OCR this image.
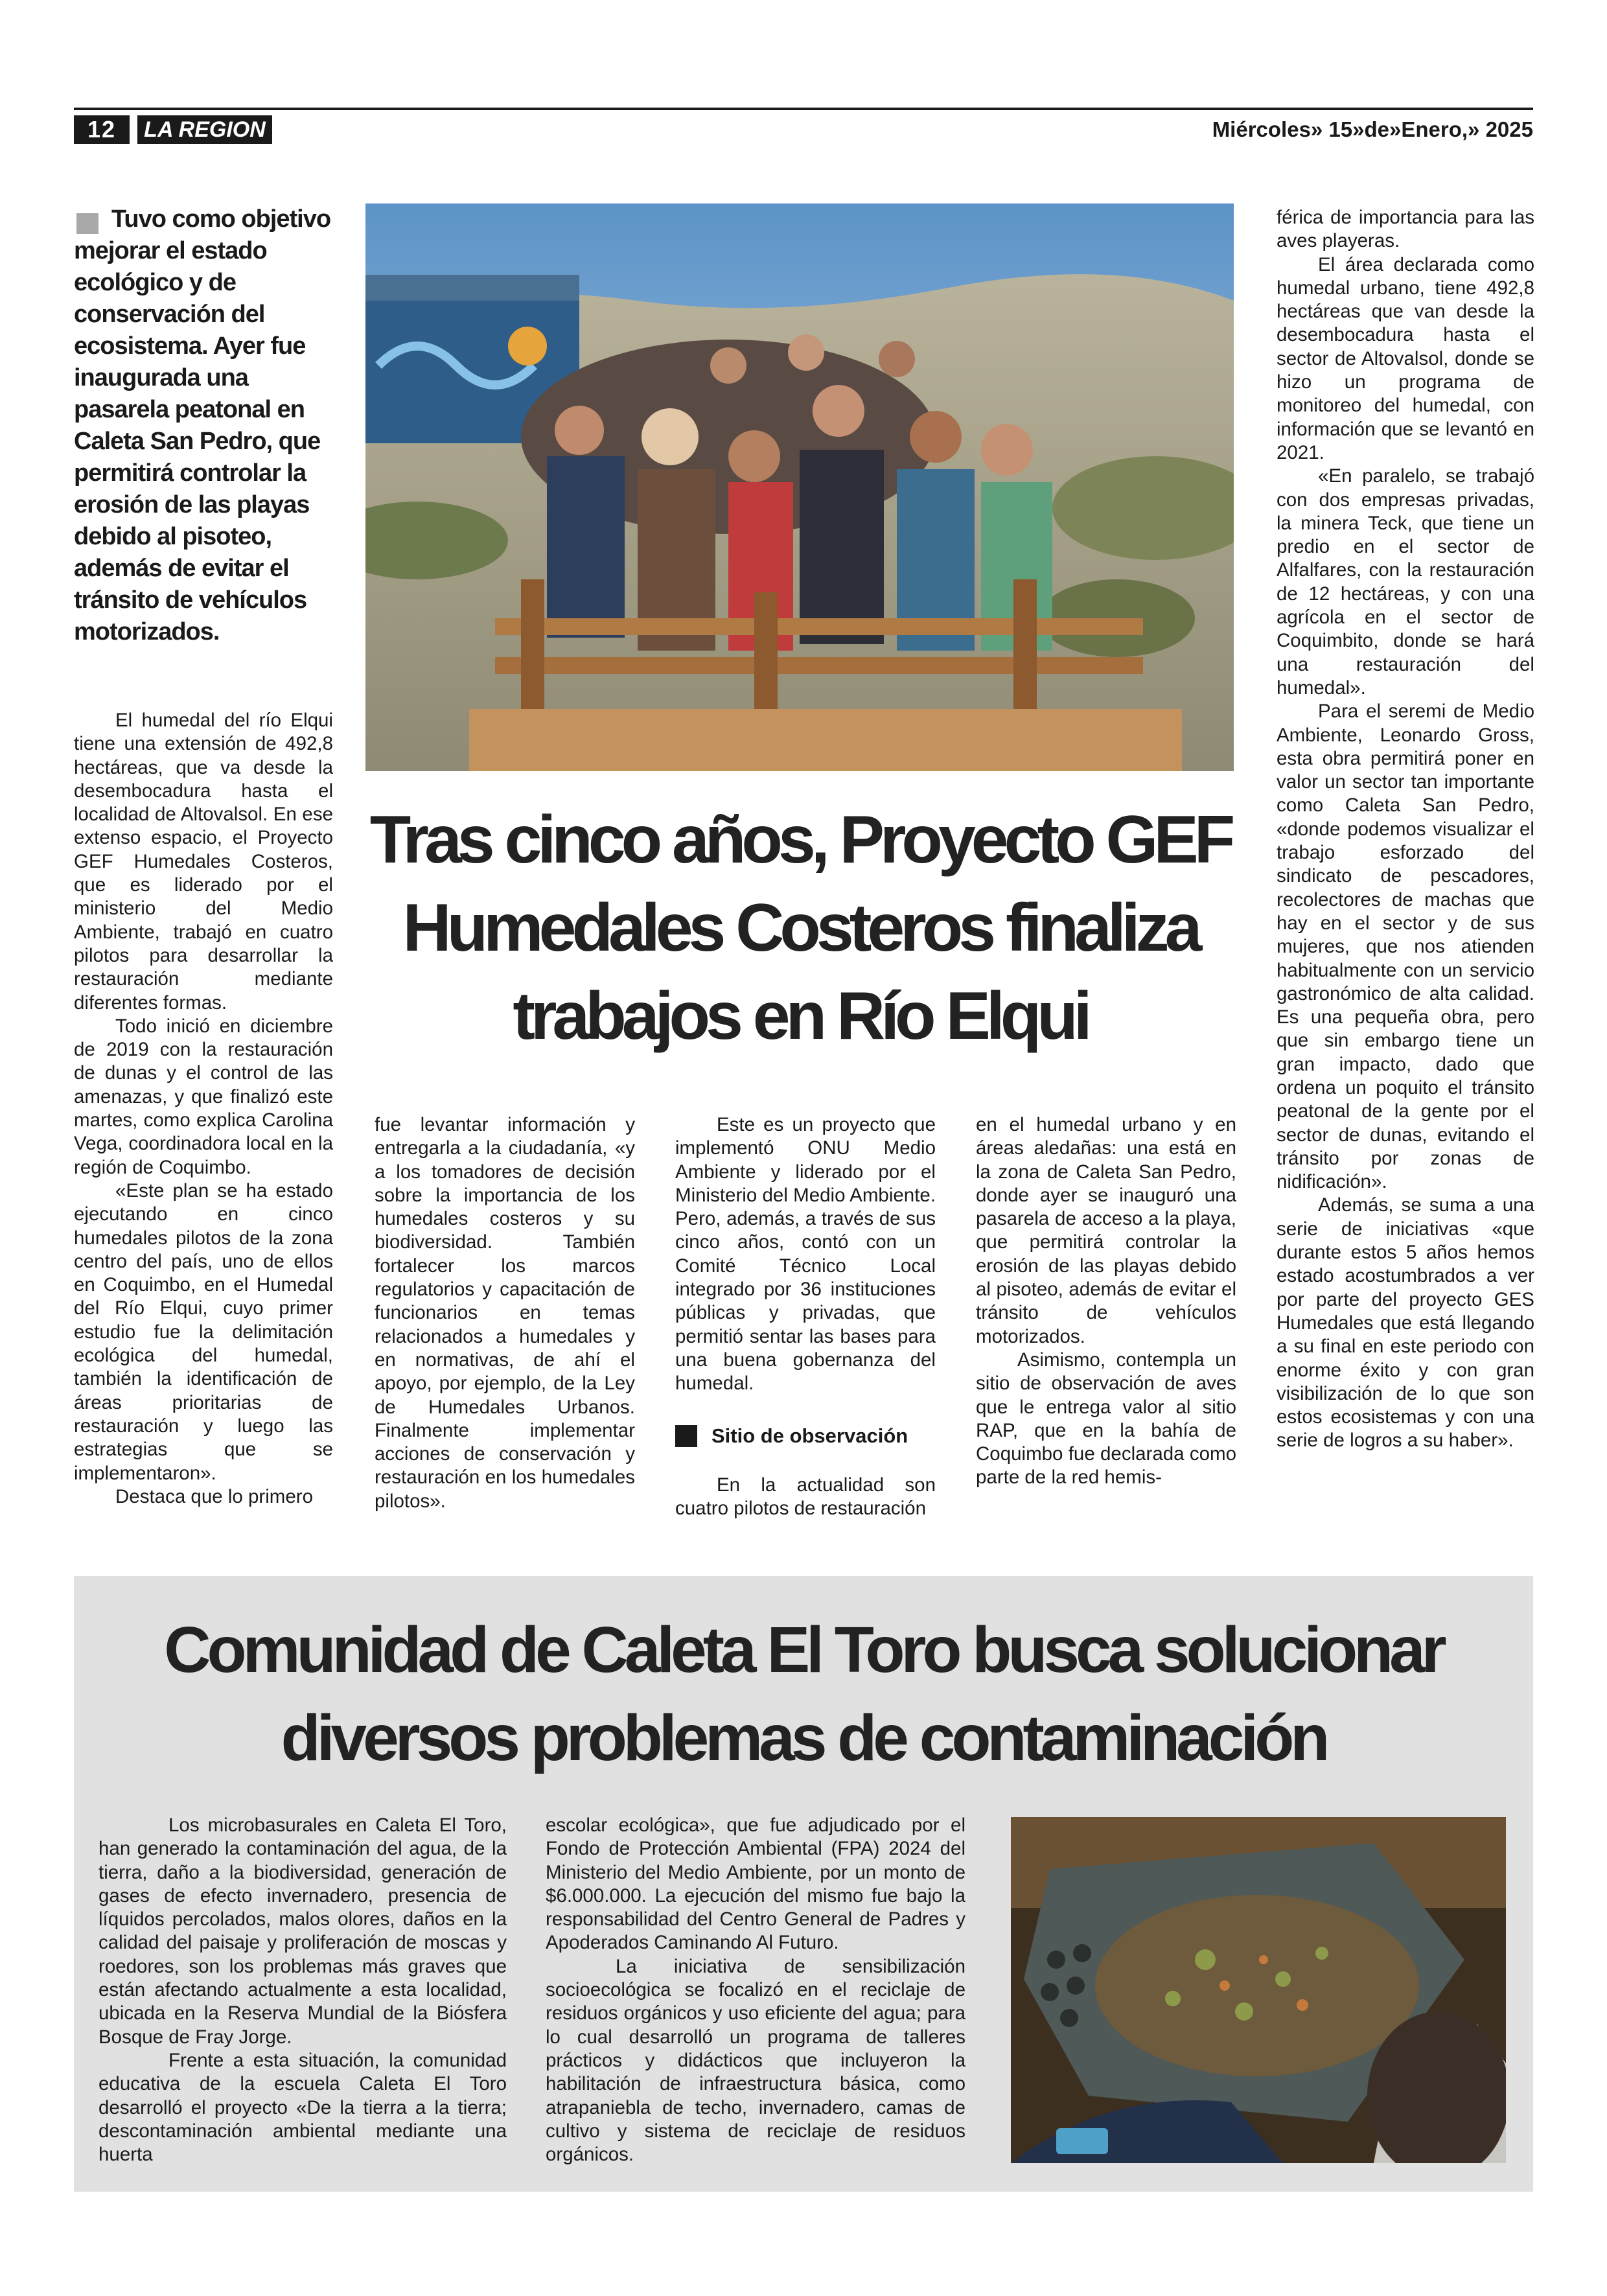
12	LA REGION	Miércoles» 15»de»Enero,» 2025

Tuvo como objetivo mejorar el estado ecológico y de conservación del ecosistema. Ayer fue inaugurada una pasarela peatonal en Caleta San Pedro, que permitirá controlar la erosión de las playas debido al pisoteo, además de evitar el tránsito de vehículos motorizados.

El humedal del río Elqui tiene una extensión de 492,8 hectáreas, que va desde la desembocadura hasta el localidad de Altovalsol. En ese extenso espacio, el Proyecto GEF Humedales Costeros, que es liderado por el ministerio del Medio Ambiente, trabajó en cuatro pilotos para desarrollar la restauración mediante diferentes formas.

Todo inició en diciembre de 2019 con la restauración de dunas y el control de las amenazas, y que finalizó este martes, como explica Carolina Vega, coordinadora local en la región de Coquimbo.

«Este plan se ha estado ejecutando en cinco humedales pilotos de la zona centro del país, uno de ellos en Coquimbo, en el Humedal del Río Elqui, cuyo primer estudio fue la delimitación ecológica del humedal, también la identificación de áreas prioritarias de restauración y luego las estrategias que se implementaron».

Destaca que lo primero

Tras cinco años, Proyecto GEF Humedales Costeros finaliza trabajos en Río Elqui

fue levantar información y entregarla a la ciudadanía, «y a los tomadores de decisión sobre la importancia de los humedales costeros y su biodiversidad. También fortalecer los marcos regulatorios y capacitación de funcionarios en temas relacionados a humedales y en normativas, de ahí el apoyo, por ejemplo, de la Ley de Humedales Urbanos. Finalmente implementar acciones de conservación y restauración en los humedales pilotos».

Este es un proyecto que implementó ONU Medio Ambiente y liderado por el Ministerio del Medio Ambiente. Pero, además, a través de sus cinco años, contó con un Comité Técnico Local integrado por 36 instituciones públicas y privadas, que permitió sentar las bases para una buena gobernanza del humedal.

Sitio de observación

En la actualidad son cuatro pilotos de restauración

en el humedal urbano y en áreas aledañas: una está en la zona de Caleta San Pedro, donde ayer se inauguró una pasarela de acceso a la playa, que permitirá controlar la erosión de las playas debido al pisoteo, además de evitar el tránsito de vehículos motorizados.

Asimismo, contempla un sitio de observación de aves que le entrega valor al sitio RAP, que en la bahía de Coquimbo fue declarada como parte de la red hemis-

férica de importancia para las aves playeras.

El área declarada como humedal urbano, tiene 492,8 hectáreas que van desde la desembocadura hasta el sector de Altovalsol, donde se hizo un programa de monitoreo del humedal, con información que se levantó en 2021.

«En paralelo, se trabajó con dos empresas privadas, la minera Teck, que tiene un predio en el sector de Alfalfares, con la restauración de 12 hectáreas, y con una agrícola en el sector de Coquimbito, donde se hará una restauración del humedal».

Para el seremi de Medio Ambiente, Leonardo Gross, esta obra permitirá poner en valor un sector tan importante como Caleta San Pedro, «donde podemos visualizar el trabajo esforzado del sindicato de pescadores, recolectores de machas que hay en el sector y de sus mujeres, que nos atienden habitualmente con un servicio gastronómico de alta calidad. Es una pequeña obra, pero que sin embargo tiene un gran impacto, dado que ordena un poquito el tránsito peatonal de la gente por el sector de dunas, evitando el tránsito por zonas de nidificación».

Además, se suma a una serie de iniciativas «que durante estos 5 años hemos estado acostumbrados a ver por parte del proyecto GES Humedales que está llegando a su final en este periodo con enorme éxito y con gran visibilización de lo que son estos ecosistemas y con una serie de logros a su haber».

Comunidad de Caleta El Toro busca solucionar diversos problemas de contaminación

Los microbasurales en Caleta El Toro, han generado la contaminación del agua, de la tierra, daño a la biodiversidad, generación de gases de efecto invernadero, presencia de líquidos percolados, malos olores, daños en la calidad del paisaje y proliferación de moscas y roedores, son los problemas más graves que están afectando actualmente a esta localidad, ubicada en la Reserva Mundial de la Biósfera Bosque de Fray Jorge.

Frente a esta situación, la comunidad educativa de la escuela Caleta El Toro desarrolló el proyecto «De la tierra a la tierra; descontaminación ambiental mediante una huerta

escolar ecológica», que fue adjudicado por el Fondo de Protección Ambiental (FPA) 2024 del Ministerio del Medio Ambiente, por un monto de $6.000.000. La ejecución del mismo fue bajo la responsabilidad del Centro General de Padres y Apoderados Caminando Al Futuro.

La iniciativa de sensibilización socioecológica se focalizó en el reciclaje de residuos orgánicos y uso eficiente del agua; para lo cual desarrolló un programa de talleres prácticos y didácticos que incluyeron la habilitación de infraestructura básica, como atrapaniebla de techo, invernadero, camas de cultivo y sistema de reciclaje de residuos orgánicos.
